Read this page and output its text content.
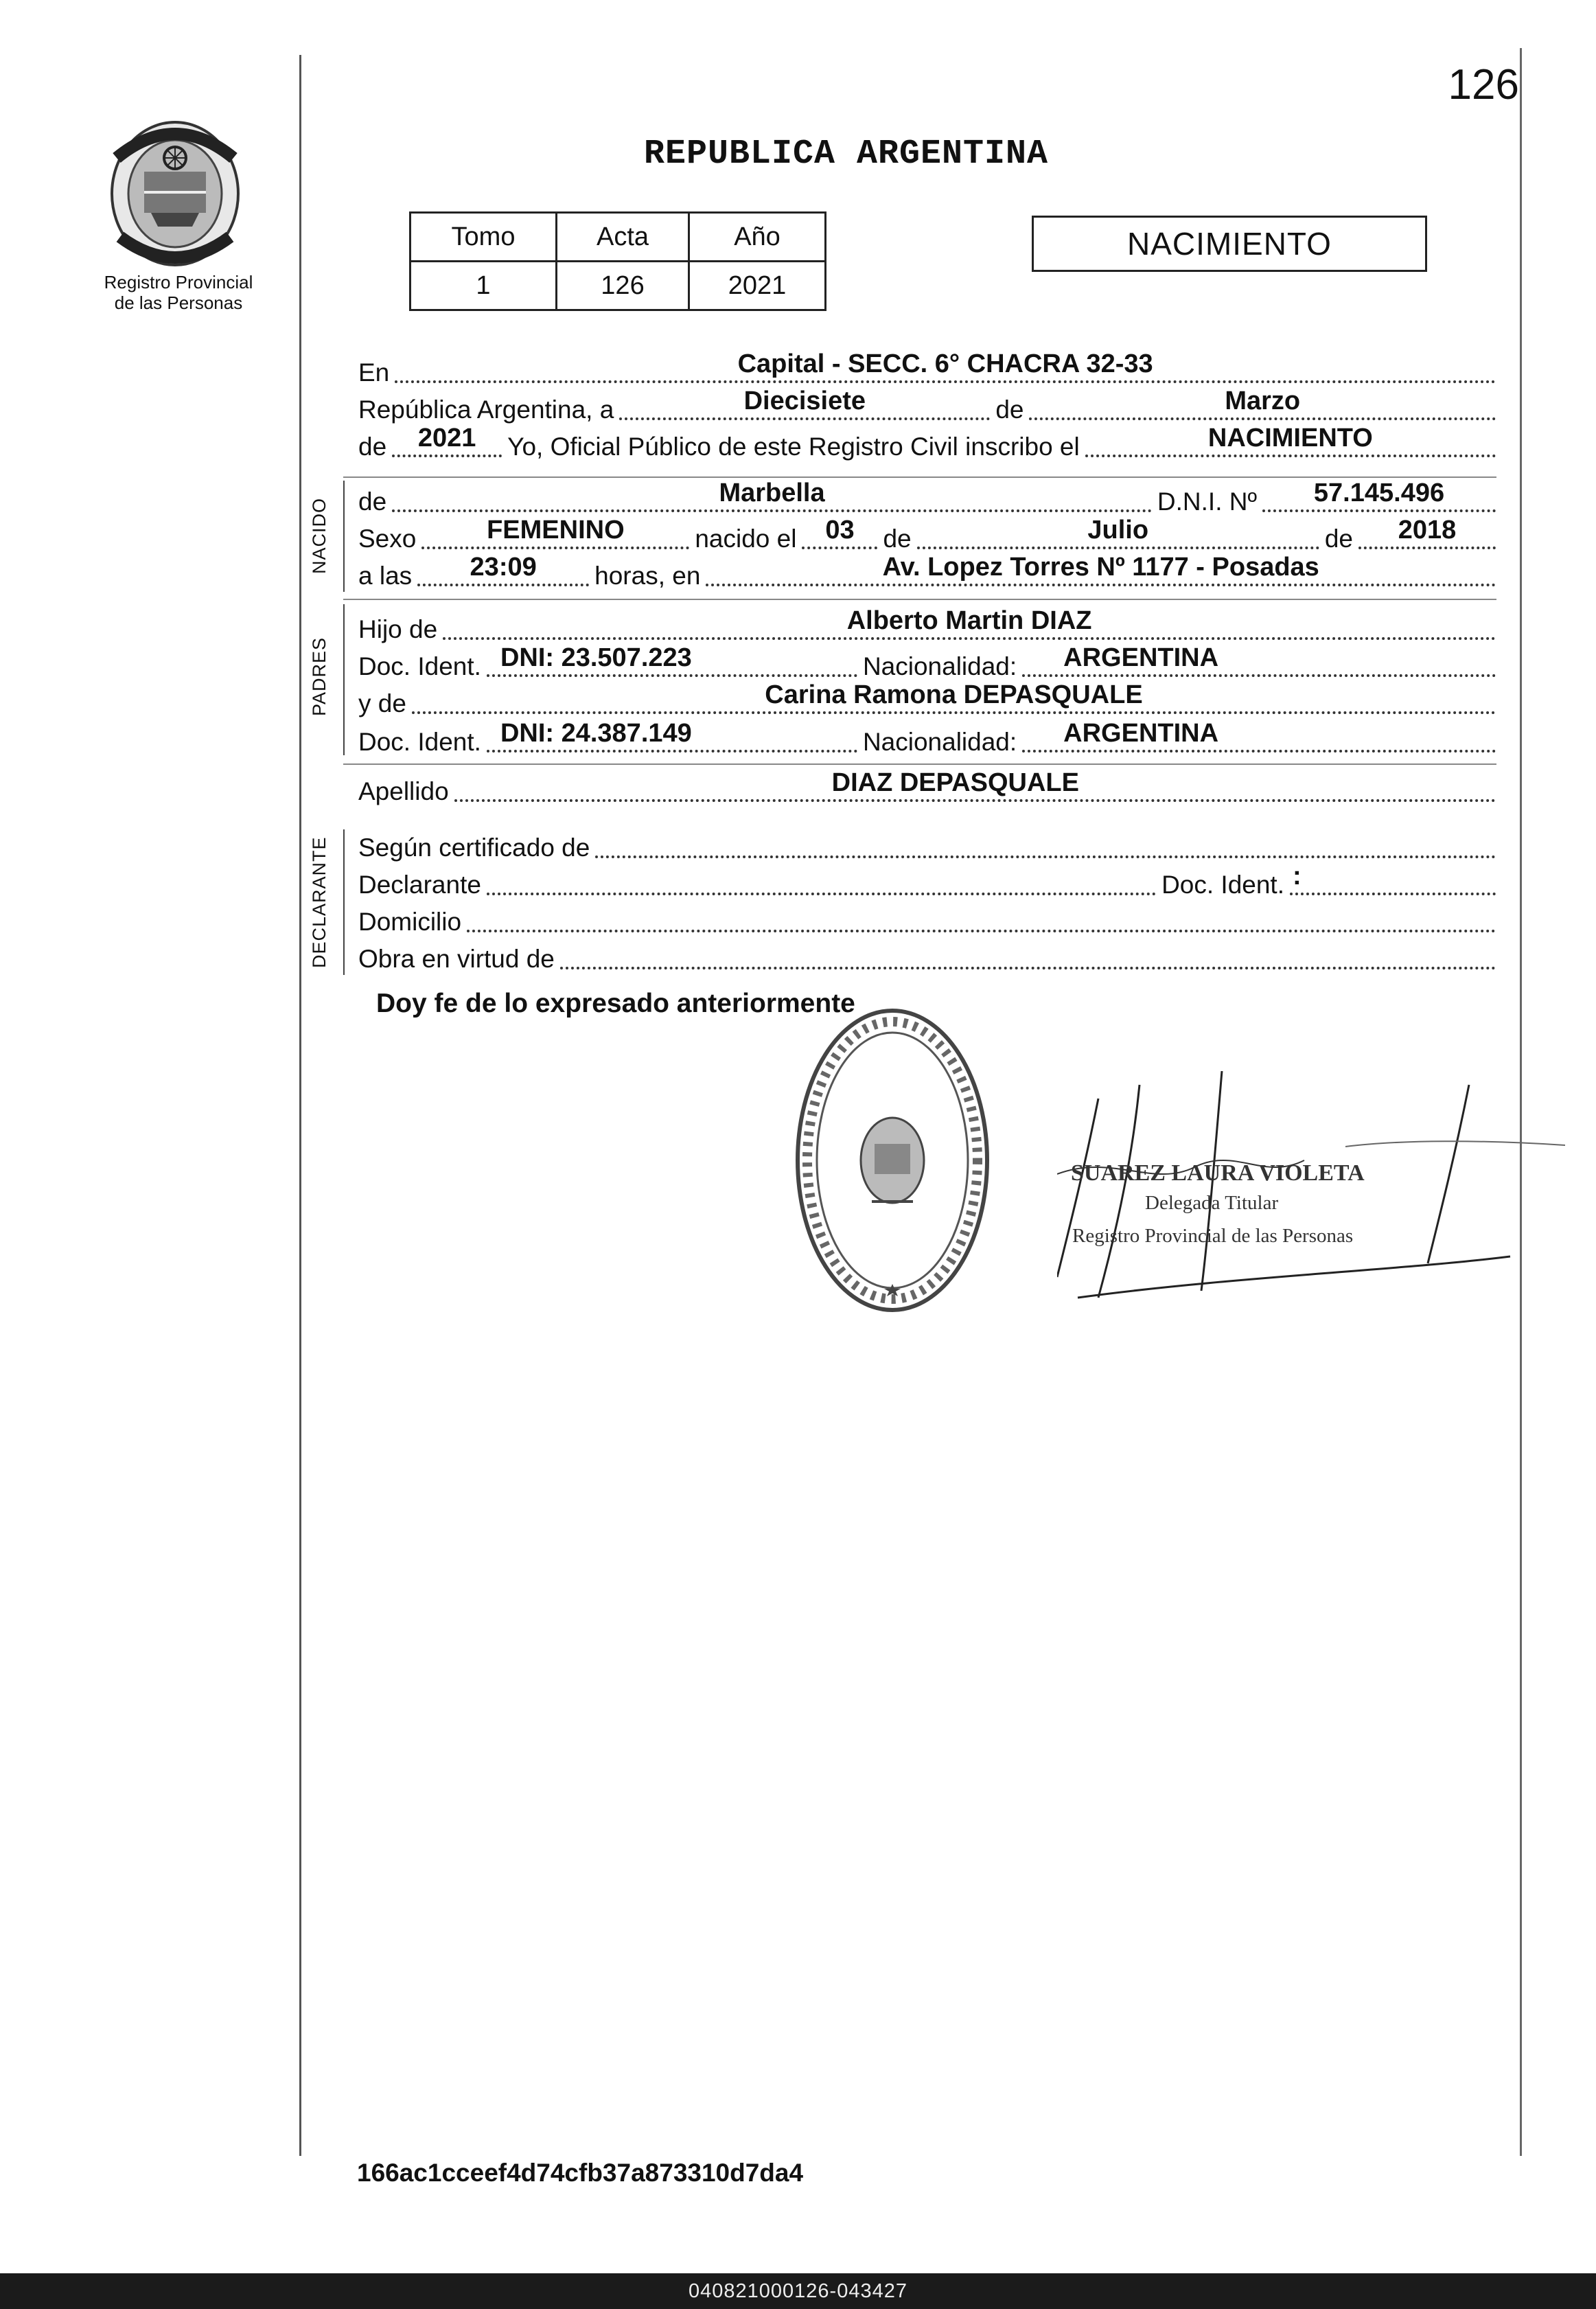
126
Registro Provincial
de las Personas
REPUBLICA ARGENTINA
Tomo	Acta	Año
1	126	2021
NACIMIENTO
En	Capital - SECC. 6° CHACRA 32-33
República Argentina, a	Diecisiete	de	Marzo
de	2021	Yo, Oficial Público de este Registro Civil inscribo el	NACIMIENTO
NACIDO de	Marbella	D.N.I. Nº	57.145.496
Sexo	FEMENINO	nacido el	03	de	Julio	de	2018
a las	23:09	horas, en	Av. Lopez Torres Nº 1177 - Posadas
PADRES
Hijo de	Alberto Martin DIAZ
Doc. Ident. DNI: 23.507.223	Nacionalidad:	ARGENTINA
y de	Carina Ramona DEPASQUALE
Doc. Ident. DNI: 24.387.149	Nacionalidad:	ARGENTINA
Apellido	DIAZ DEPASQUALE
DECLARANTE Según certificado de
Declarante	Doc. Ident. :
Domicilio
Obra en virtud de
Doy fe de lo expresado anteriormente
SUAREZ LAURA VIOLETA
Delegada Titular
Registro Provincial de las Personas
166ac1cceef4d74cfb37a873310d7da4
040821000126-043427
